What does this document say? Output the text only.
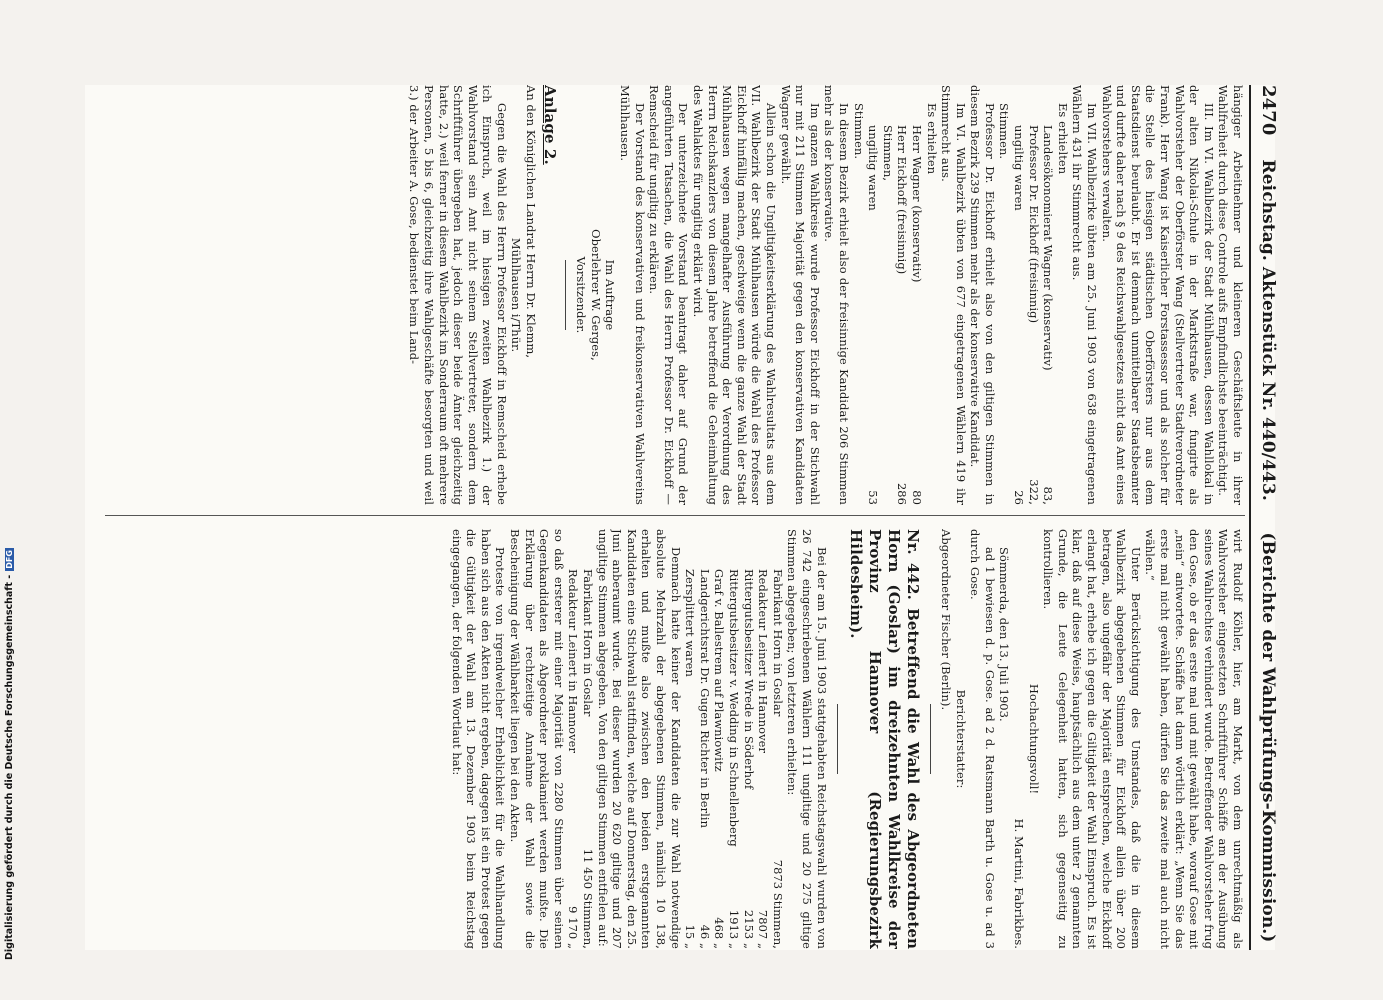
2470
Reichstag. Aktenstück Nr. 440/443.
(Berichte der Wahlprüfungs-Kommission.)

hängiger Arbeitnehmer und kleineren Geschäftsleute in ihrer Wahlfreiheit durch diese Controle aufs Empfindlichste beeinträchtigt.

III. Im VI. Wahlbezirk der Stadt Mühlhausen, dessen Wahllokal in der alten Nikolai-Schule in der Marktstraße war, fungirte als Wahlvorsteher der Oberförster Wang (Stellvertreter Stadtverordneter Frank). Herr Wang ist Kaiserlicher Forstassessor und als solcher für die Stelle des hiesigen städtischen Oberförsters nur aus dem Staatsdienst beurlaubt. Er ist demnach unmittelbarer Staatsbeamter und durfte daher nach § 9 des Reichswahlgesetzes nicht das Amt eines Wahlvorstehers verwalten.

Im VII. Wahlbezirke übten am 25. Juni 1903 von 638 eingetragenen Wählern 431 ihr Stimmrecht aus.

Es erhielten

Landesökonomierat Wagner (konservativ)
83,
Professor Dr. Eickhoff (freisinnig)
322,
ungiltig waren
26

Stimmen.

Professor Dr. Eickhoff erhielt also von den giltigen Stimmen in diesem Bezirk 239 Stimmen mehr als der konservative Kandidat.

Im VI. Wahlbezirk übten von 677 eingetragenen Wählern 419 ihr Stimmrecht aus.

Es erhielten

Herr Wagner (konservativ)
80
Herr Eickhoff (freisinnig)
286
Stimmen,
ungiltig waren
53

Stimmen.

In diesem Bezirk erhielt also der freisinnige Kandidat 206 Stimmen mehr als der konservative.

Im ganzen Wahlkreise wurde Professor Eickhoff in der Stichwahl nur mit 211 Stimmen Majorität gegen den konservativen Kandidaten Wagner gewählt.

Allein schon die Ungiltigkeitserklärung des Wahlresultats aus dem VII. Wahlbezirk der Stadt Mühlhausen würde die Wahl des Professor Eickhoff hinfällig machen, geschweige wenn die ganze Wahl der Stadt Mühlhausen wegen mangelhafter Ausführung der Verordnung des Herrn Reichskanzlers von diesem Jahre betreffend die Geheimhaltung des Wahlaktes für ungiltig erklärt wird.

Der unterzeichnete Vorstand beantragt daher auf Grund der angeführten Tatsachen, die Wahl des Herrn Professor Dr. Eickhoff — Remscheid für ungiltig zu erklären.

Der Vorstand des konservativen und freikonservativen Wahlvereins Mühlhausen.

Im Auftrage

Oberlehrer W. Gerges,

Vorsitzender.

Anlage 2.

An den Königlichen Landrat Herrn Dr. Klemm,

Mühlhausen i/Thür.

Gegen die Wahl des Herrn Professor Eickhoff in Remscheid erhebe ich Einspruch, weil im hiesigen zweiten Wahlbezirk 1.) der Wahlvorstand sein Amt nicht seinem Stellvertreter, sondern dem Schriftführer übergeben hat, jedoch dieser beide Ämter gleichzeitig hatte, 2.) weil ferner in diesem Wahlbezirk im Sonderraum oft mehrere Personen, 5 bis 6, gleichzeitig ihre Wahlgeschäfte besorgten und weil 3.) der Arbeiter A. Gose, bedienstet beim Land-

wirt Rudolf Köhler, hier, am Markt, von dem unrechtmäßig als Wahlvorsteher eingesetzten Schriftführer Schäffe am der Ausübung seines Wahlrechtes verhindert wurde. Betreffender Wahlvorsteher frug den Gose, ob er das erste mal und mit gewählt habe, worauf Gose mit „nein“ antwortete. Schäffe hat dann wörtlich erklärt: „Wenn Sie das erste mal nicht gewählt haben, dürfen Sie das zweite mal auch nicht wählen.“

Unter Berücksichtigung des Umstandes, daß die in diesem Wahlbezirk abgegebenen Stimmen für Eickhoff allein über 200 betragen, also ungefähr der Majorität entsprechen, welche Eickhoff erlangt hat, erhebe ich gegen die Giltigkeit der Wahl Einspruch. Es ist klar, daß auf diese Weise, hauptsächlich aus dem unter 2 genannten Grunde, die Leute Gelegenheit hatten, sich gegenseitig zu kontrollieren.

Hochachtungsvoll!

H. Martini, Fabrikbes.

Sömmerda, den 13. Juli 1903.

ad 1 bewiesen d. p. Gose. ad 2 d. Ratsmann Barth u. Gose u. ad 3 durch Gose.

Berichterstatter:

Abgeordneter Fischer (Berlin).

Nr. 442. Betreffend die Wahl des Abgeordneten Horn (Goslar) im dreizehnten Wahlkreise der Provinz Hannover (Regierungsbezirk Hildesheim).

Bei der am 15. Juni 1903 stattgehabten Reichstagswahl wurden von 26 742 eingeschriebenen Wählern 111 ungiltige und 20 275 giltige Stimmen abgegeben; von letzteren erhielten:

Fabrikant Horn in Goslar
7873 Stimmen,
Redakteur Leinert in Hannover
7807 „
Rittergutsbesitzer Wrede in Söderhof
2153 „
Rittergutsbesitzer v. Wedding in Schnellenberg
1913 „
Graf v. Ballestrem auf Plawniowitz
468 „
Landgerichtsrat Dr. Gugen Richter in Berlin
46 „
Zersplittert waren
15 „

Demnach hatte keiner der Kandidaten die zur Wahl notwendige absolute Mehrzahl der abgegebenen Stimmen, nämlich 10 138, erhalten und mußte also zwischen den beiden erstgenannten Kandidaten eine Stichwahl stattfinden, welche auf Donnerstag, den 25. Juni anberaumt wurde. Bei dieser wurden 20 620 giltige und 207 ungiltige Stimmen abgegeben. Von den giltigen Stimmen entfielen auf:

Fabrikant Horn in Goslar
11 450 Stimmen,
Redakteur Leinert in Hannover
9 170 „

so daß ersterer mit einer Majorität von 2280 Stimmen über seinen Gegenkandidaten als Abgeordneter proklamiert werden mußte. Die Erklärung über rechtzeitige Annahme der Wahl sowie die Bescheinigung der Wählbarkeit liegen bei den Akten.

Proteste von irgendwelcher Erheblichkeit für die Wahlhandlung haben sich aus den Akten nicht ergeben, dagegen ist ein Protest gegen die Gültigkeit der Wahl am 13. Dezember 1903 beim Reichstag eingegangen, der folgenden Wortlaut hat:

Digitalisierung gefördert durch die Deutsche Forschungsgemeinschaft -
DFG
